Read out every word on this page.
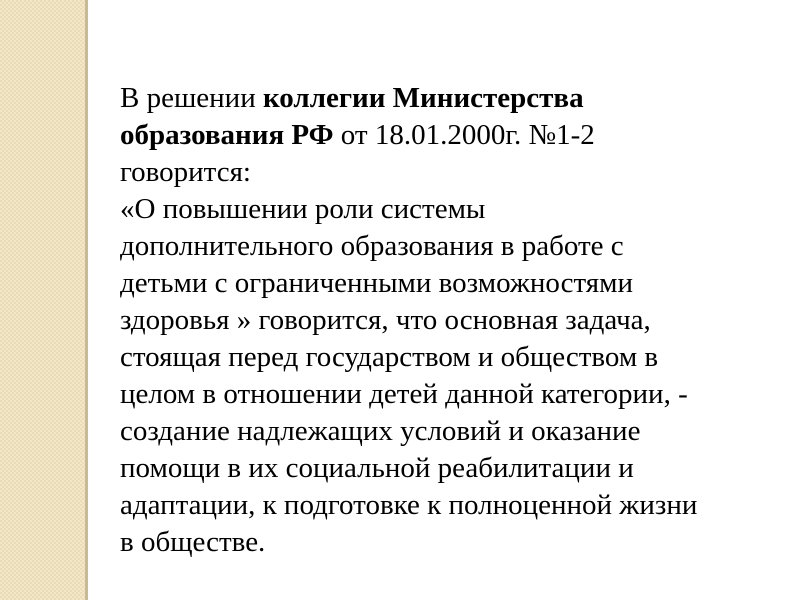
В решении коллегии Министерства
образования РФ от 18.01.2000г. №1-2
говорится:
«О повышении роли системы
дополнительного образования в работе с
детьми с ограниченными возможностями
здоровья » говорится, что основная задача,
стоящая перед государством и обществом в
целом в отношении детей данной категории, -
создание надлежащих условий и оказание
помощи в их социальной реабилитации и
адаптации, к подготовке к полноценной жизни
в обществе.
